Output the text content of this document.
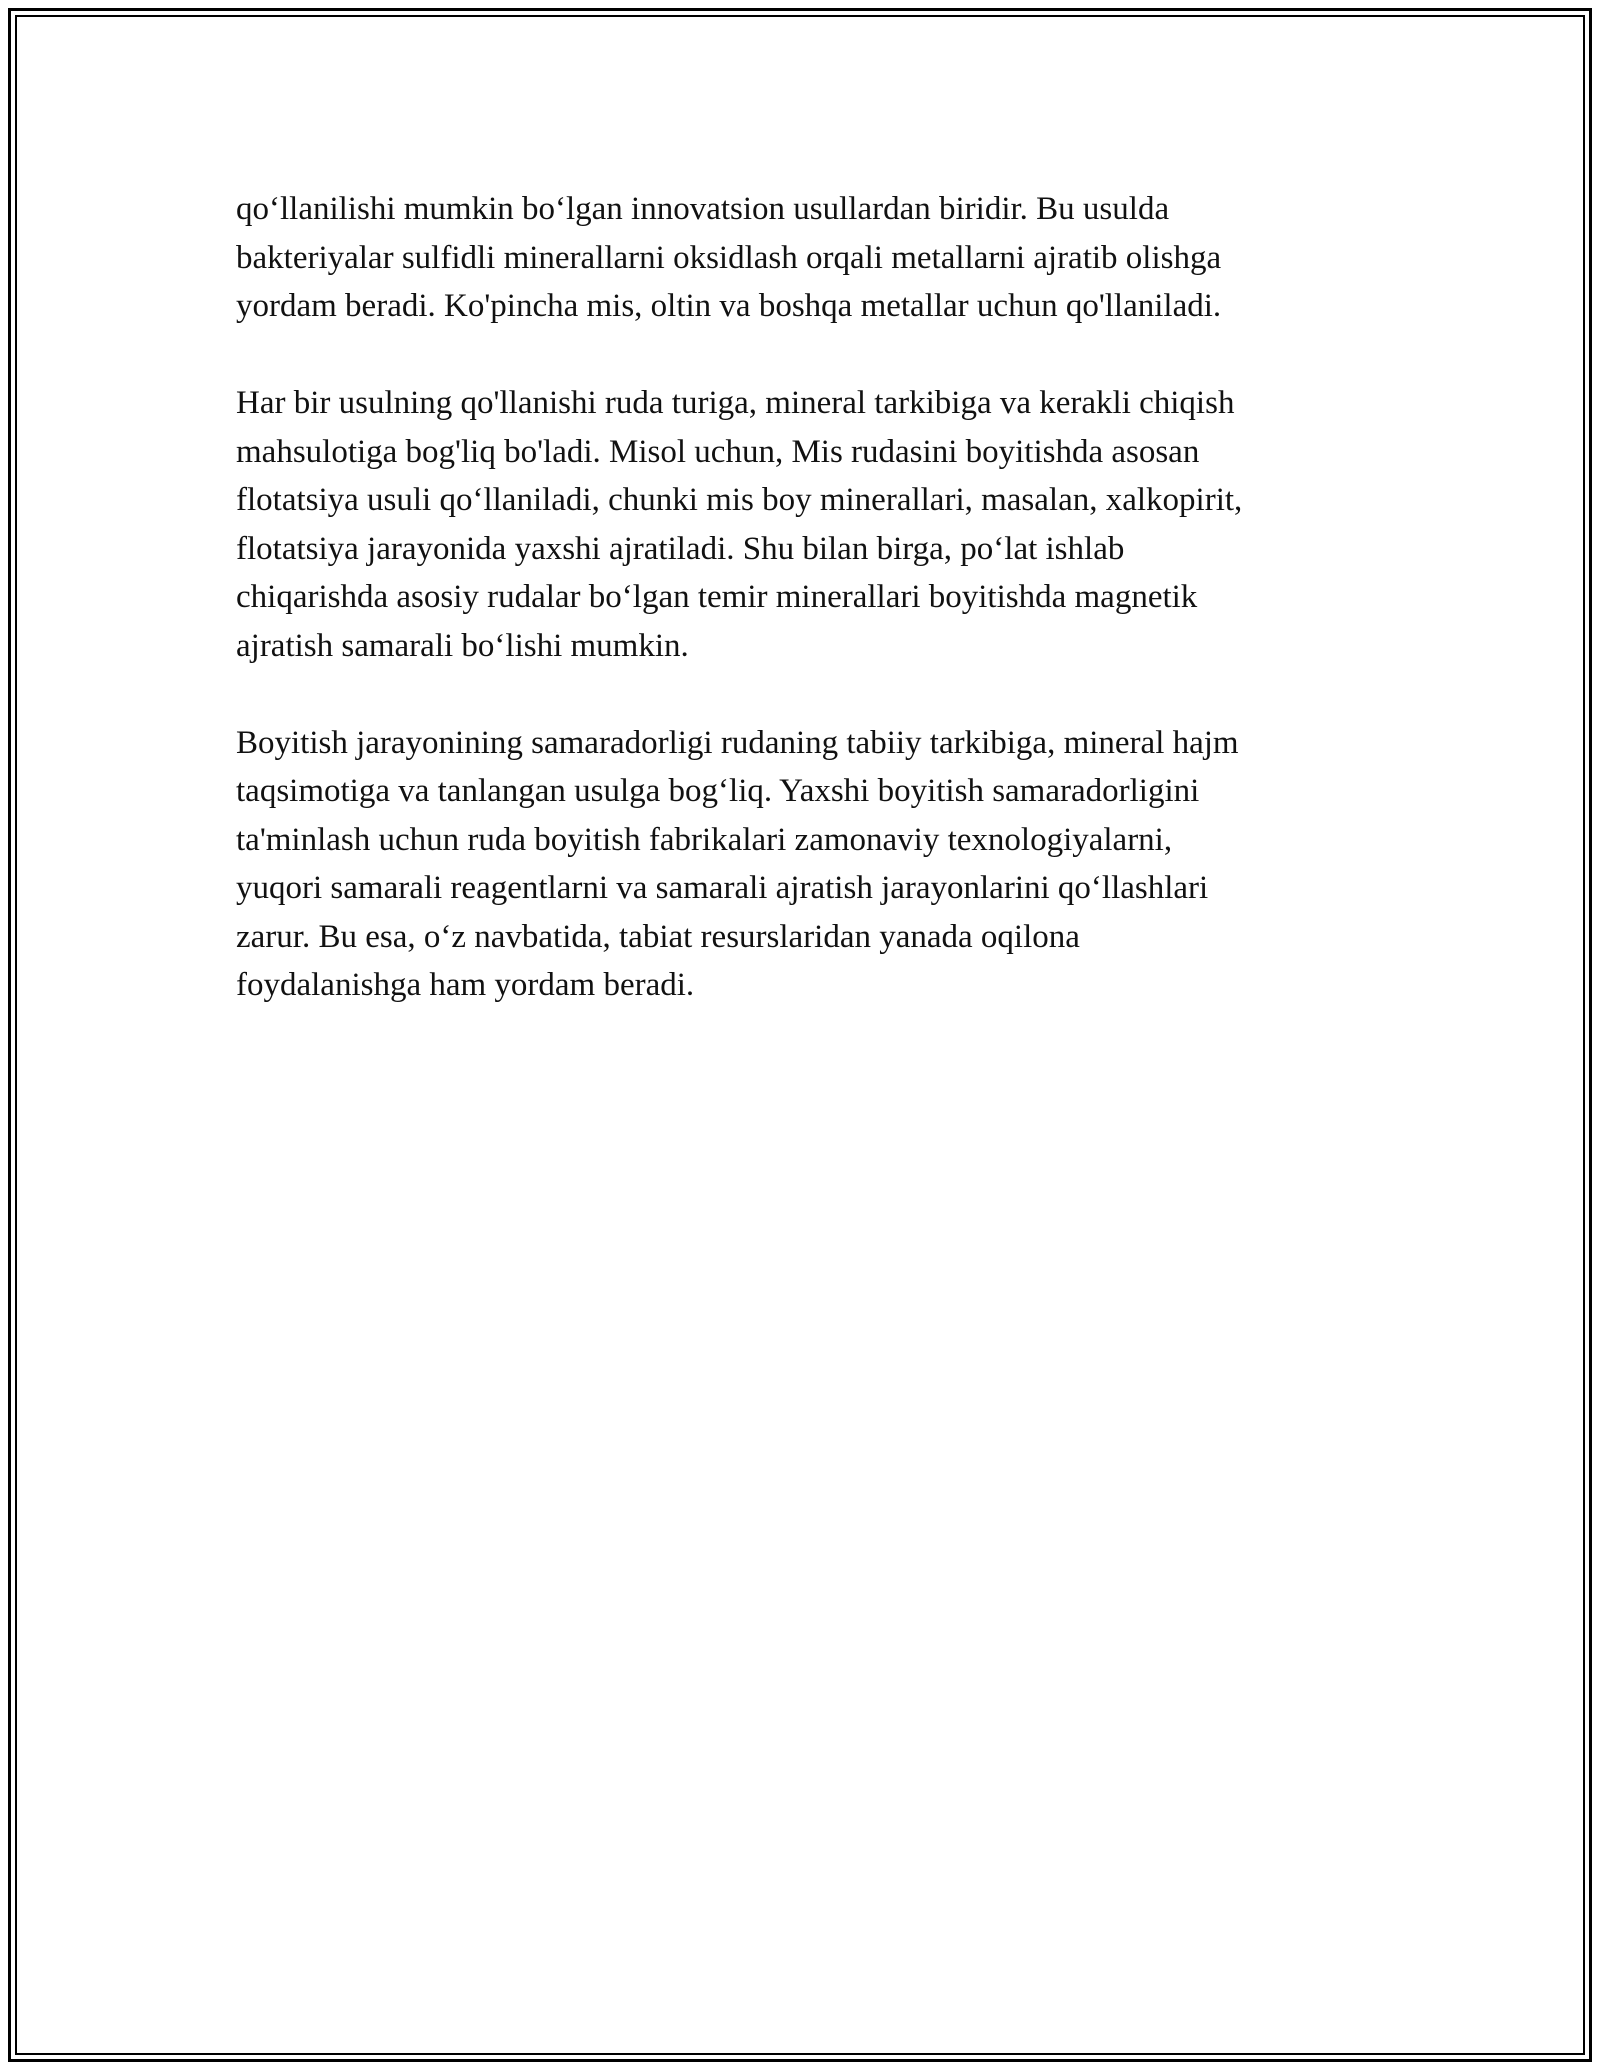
qo‘llanilishi mumkin bo‘lgan innovatsion usullardan biridir. Bu usulda
bakteriyalar sulfidli minerallarni oksidlash orqali metallarni ajratib olishga
yordam beradi. Ko'pincha mis, oltin va boshqa metallar uchun qo'llaniladi.

Har bir usulning qo'llanishi ruda turiga, mineral tarkibiga va kerakli chiqish
mahsulotiga bog'liq bo'ladi. Misol uchun, Mis rudasini boyitishda asosan
flotatsiya usuli qo‘llaniladi, chunki mis boy minerallari, masalan, xalkopirit,
flotatsiya jarayonida yaxshi ajratiladi. Shu bilan birga, po‘lat ishlab
chiqarishda asosiy rudalar bo‘lgan temir minerallari boyitishda magnetik
ajratish samarali bo‘lishi mumkin.

Boyitish jarayonining samaradorligi rudaning tabiiy tarkibiga, mineral hajm
taqsimotiga va tanlangan usulga bog‘liq. Yaxshi boyitish samaradorligini
ta'minlash uchun ruda boyitish fabrikalari zamonaviy texnologiyalarni,
yuqori samarali reagentlarni va samarali ajratish jarayonlarini qo‘llashlari
zarur. Bu esa, o‘z navbatida, tabiat resurslaridan yanada oqilona
foydalanishga ham yordam beradi.
